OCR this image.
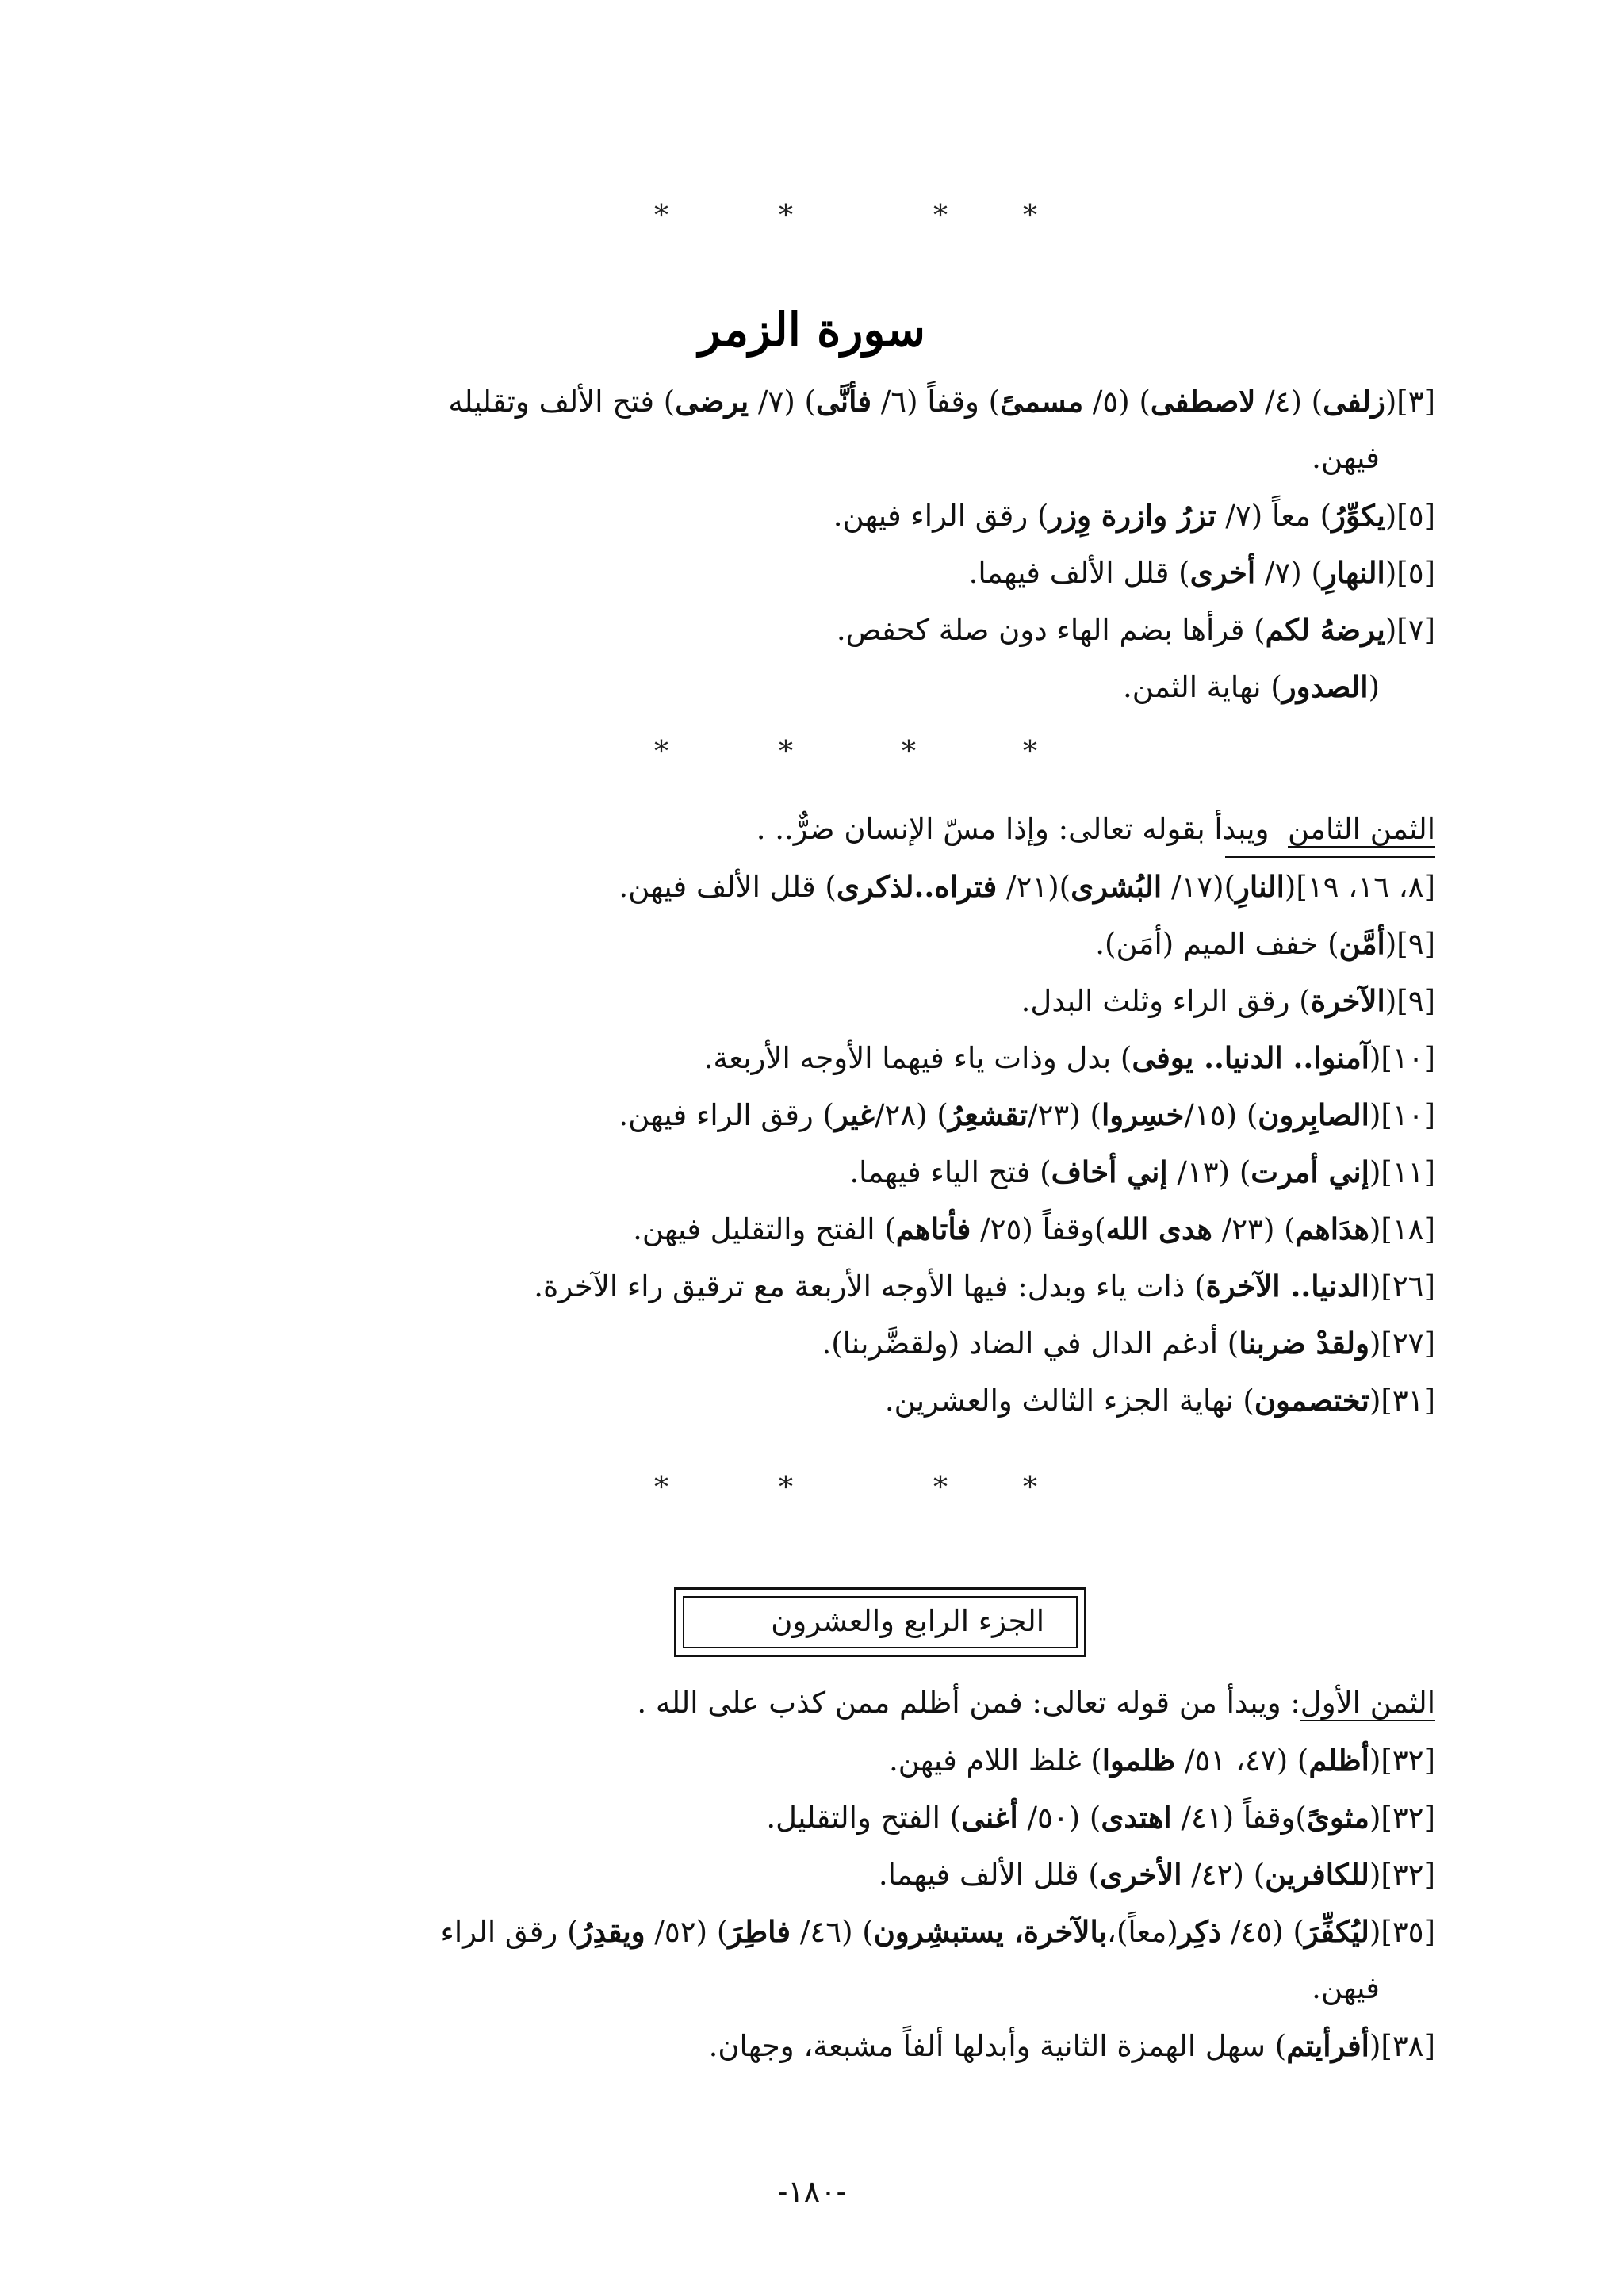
*	*	*	*
سورة الزمر
[٣](زلفى) (٤/ لاصطفى) (٥/ مسمىً) وقفاً (٦/ فأنَّى) (٧/ يرضى) فتح الألف وتقليله
فيهن.
[٥](يكوِّرُ) معاً (٧/ تزرُ وازرة وِزر) رقق الراء فيهن.
[٥](النهارِ) (٧/ أخرى) قلل الألف فيهما.
[٧](يرضهُ لكم) قرأها بضم الهاء دون صلة كحفص.
(الصدور) نهاية الثمن.
*	*	*	*
الثمن الثامن  ويبدأ بقوله تعالى: وإذا مسّ الإنسان ضرٌّ.. .
[٨، ١٦، ١٩](النارِ)(١٧/ البُشرى)(٢١/ فتراه..لذكرى) قلل الألف فيهن.
[٩](أمَّن) خفف الميم (أمَن).
[٩](الآخرة) رقق الراء وثلث البدل.
[١٠](آمنوا.. الدنيا.. يوفى) بدل وذات ياء فيهما الأوجه الأربعة.
[١٠](الصابِرون) (١٥/خسِروا) (٢٣/تقشعِرُ) (٢٨/غير) رقق الراء فيهن.
[١١](إني أمرت) (١٣/ إني أخاف) فتح الياء فيهما.
[١٨](هدَاهم) (٢٣/ هدى الله)وقفاً (٢٥/ فأتاهم) الفتح والتقليل فيهن.
[٢٦](الدنيا.. الآخرة) ذات ياء وبدل: فيها الأوجه الأربعة مع ترقيق راء الآخرة.
[٢٧](ولقدْ ضربنا) أدغم الدال في الضاد (ولقضَّربنا).
[٣١](تختصمون) نهاية الجزء الثالث والعشرين.
*	*	*	*
الجزء الرابع والعشرون
الثمن الأول: ويبدأ من قوله تعالى: فمن أظلم ممن كذب على الله .
[٣٢](أظلم) (٤٧، ٥١/ ظلموا) غلظ اللام فيهن.
[٣٢](مثوىً)وقفاً (٤١/ اهتدى) (٥٠/ أغنى) الفتح والتقليل.
[٣٢](للكافرين) (٤٢/ الأخرى) قلل الألف فيهما.
[٣٥](ليُكفِّرَ) (٤٥/ ذكِر(معاً)،بالآخرة، يستبشِرون) (٤٦/ فاطِرَ) (٥٢/ ويقدِرُ) رقق الراء
فيهن.
[٣٨](أفرأيتم) سهل الهمزة الثانية وأبدلها ألفاً مشبعة، وجهان.
-١٨٠-
